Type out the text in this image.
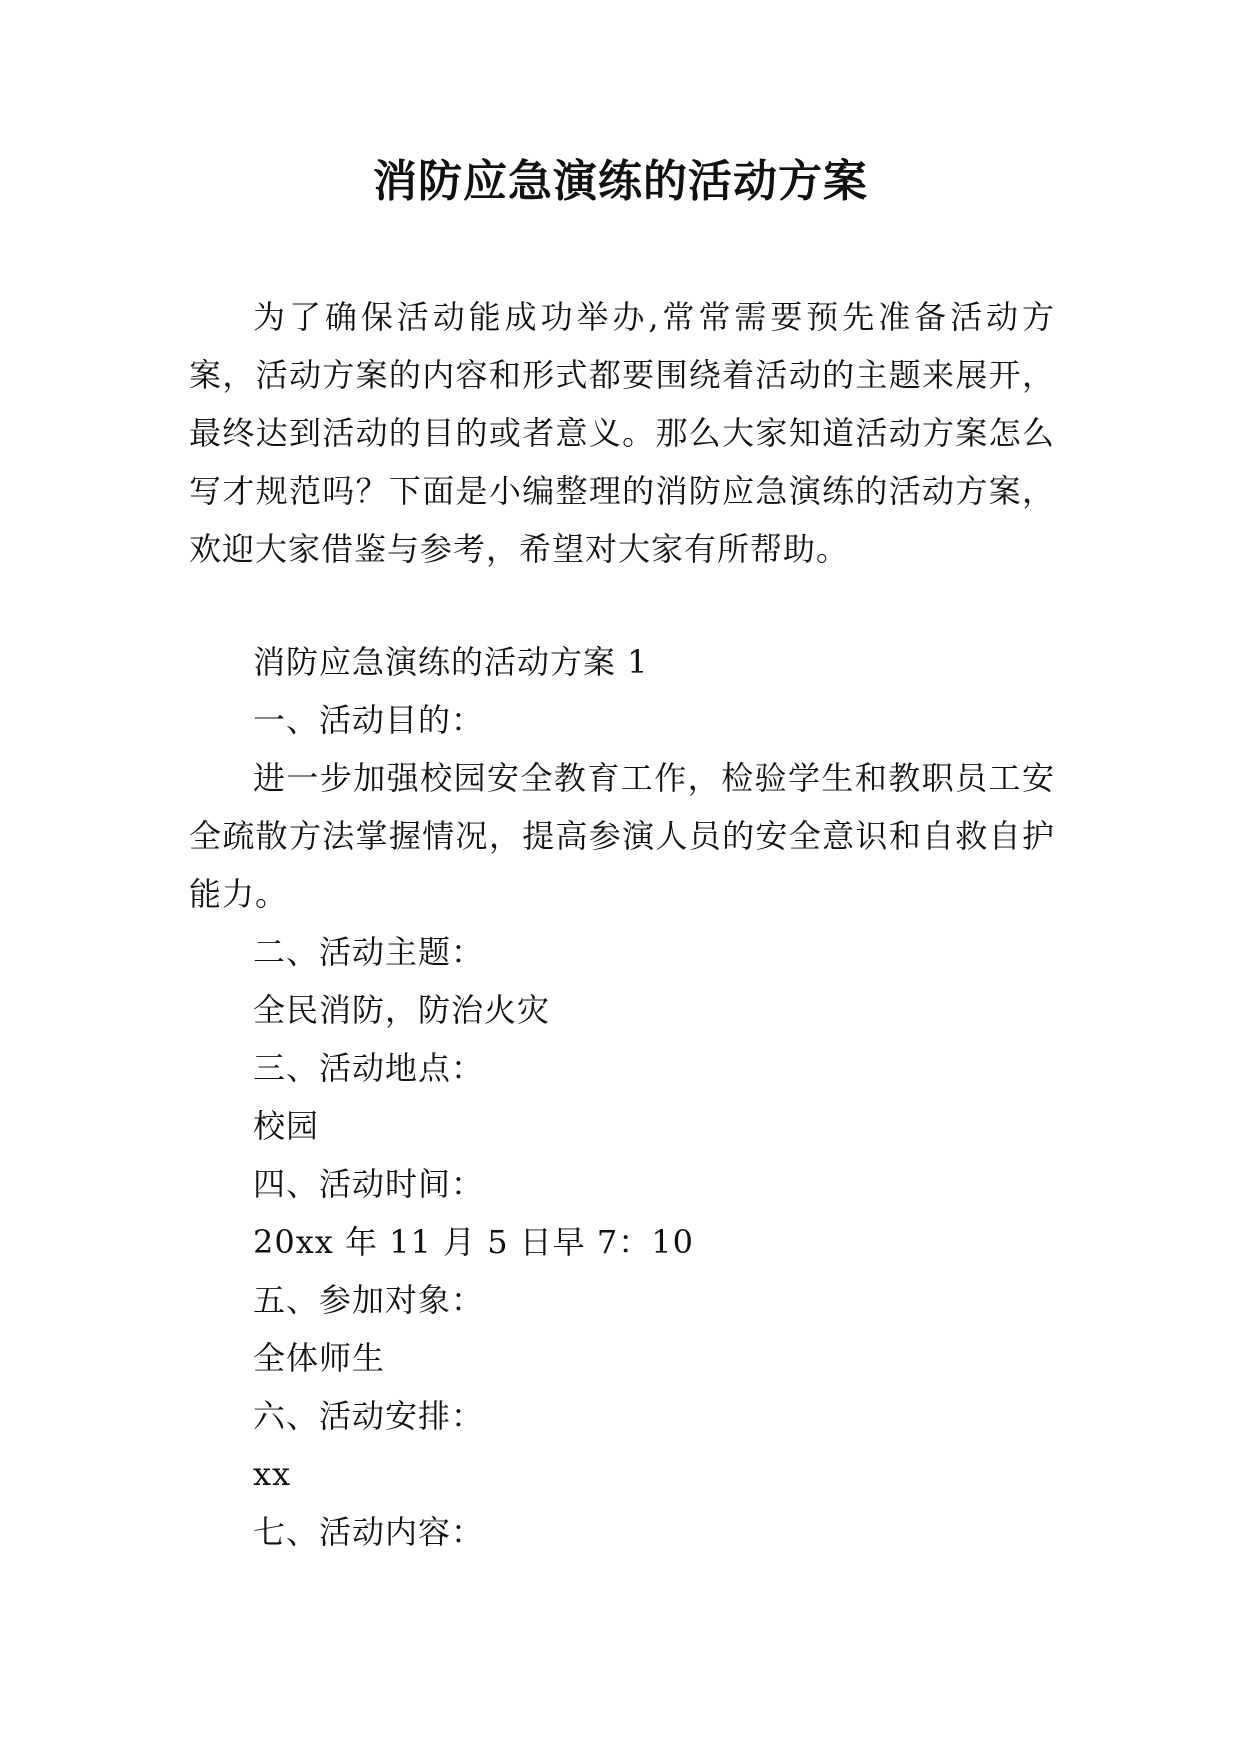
消防应急演练的活动方案

为了确保活动能成功举办,常常需要预先准备活动方案，活动方案的内容和形式都要围绕着活动的主题来展开，最终达到活动的目的或者意义。那么大家知道活动方案怎么写才规范吗？下面是小编整理的消防应急演练的活动方案，欢迎大家借鉴与参考，希望对大家有所帮助。

消防应急演练的活动方案 1

一、活动目的：

进一步加强校园安全教育工作，检验学生和教职员工安全疏散方法掌握情况，提高参演人员的安全意识和自救自护能力。

二、活动主题：

全民消防，防治火灾

三、活动地点：

校园

四、活动时间：

20xx 年 11 月 5 日早 7：10

五、参加对象：

全体师生

六、活动安排：

xx

七、活动内容：
